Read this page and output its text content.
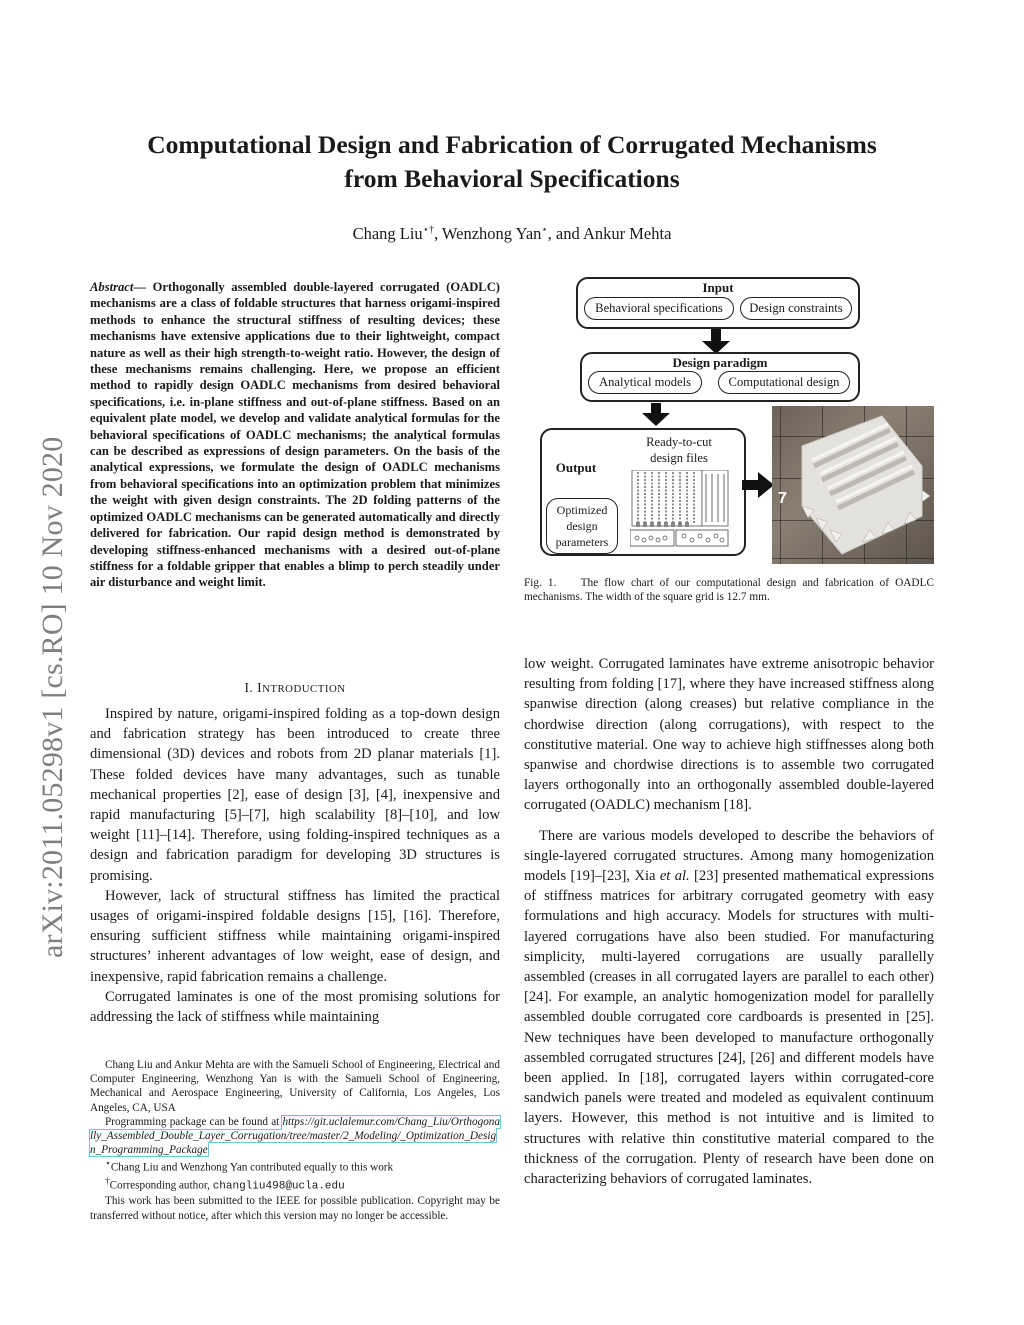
Computational Design and Fabrication of Corrugated Mechanisms
from Behavioral Specifications

Chang Liu⋆†, Wenzhong Yan⋆, and Ankur Mehta

arXiv:2011.05298v1 [cs.RO] 10 Nov 2020

Abstract— Orthogonally assembled double-layered corrugated (OADLC) mechanisms are a class of foldable structures that harness origami-inspired methods to enhance the structural stiffness of resulting devices; these mechanisms have extensive applications due to their lightweight, compact nature as well as their high strength-to-weight ratio. However, the design of these mechanisms remains challenging. Here, we propose an efficient method to rapidly design OADLC mechanisms from desired behavioral specifications, i.e. in-plane stiffness and out-of-plane stiffness. Based on an equivalent plate model, we develop and validate analytical formulas for the behavioral specifications of OADLC mechanisms; the analytical formulas can be described as expressions of design parameters. On the basis of the analytical expressions, we formulate the design of OADLC mechanisms from behavioral specifications into an optimization problem that minimizes the weight with given design constraints. The 2D folding patterns of the optimized OADLC mechanisms can be generated automatically and directly delivered for fabrication. Our rapid design method is demonstrated by developing stiffness-enhanced mechanisms with a desired out-of-plane stiffness for a foldable gripper that enables a blimp to perch steadily under air disturbance and weight limit.

I. INTRODUCTION

Inspired by nature, origami-inspired folding as a top-down design and fabrication strategy has been introduced to create three dimensional (3D) devices and robots from 2D planar materials [1]. These folded devices have many advantages, such as tunable mechanical properties [2], ease of design [3], [4], inexpensive and rapid manufacturing [5]–[7], high scalability [8]–[10], and low weight [11]–[14]. Therefore, using folding-inspired techniques as a design and fabrication paradigm for developing 3D structures is promising.

However, lack of structural stiffness has limited the practical usages of origami-inspired foldable designs [15], [16]. Therefore, ensuring sufficient stiffness while maintaining origami-inspired structures’ inherent advantages of low weight, ease of design, and inexpensive, rapid fabrication remains a challenge.

Corrugated laminates is one of the most promising solutions for addressing the lack of stiffness while maintaining

Chang Liu and Ankur Mehta are with the Samueli School of Engineering, Electrical and Computer Engineering, Wenzhong Yan is with the Samueli School of Engineering, Mechanical and Aerospace Engineering, University of California, Los Angeles, Los Angeles, CA, USA

Programming package can be found at https://git.uclalemur.com/Chang_Liu/Orthogonally_Assembled_Double_Layer_Corrugation/tree/master/2_Modeling/_Optimization_Design_Programming_Package

⋆Chang Liu and Wenzhong Yan contributed equally to this work

†Corresponding author, changliu498@ucla.edu

This work has been submitted to the IEEE for possible publication. Copyright may be transferred without notice, after which this version may no longer be accessible.

Input
Behavioral specifications	Design constraints
Design paradigm
Analytical models	Computational design
Output
Optimized
design
parameters
Ready-to-cut
design files
7

Fig. 1. The flow chart of our computational design and fabrication of OADLC mechanisms. The width of the square grid is 12.7 mm.

low weight. Corrugated laminates have extreme anisotropic behavior resulting from folding [17], where they have increased stiffness along spanwise direction (along creases) but relative compliance in the chordwise direction (along corrugations), with respect to the constitutive material. One way to achieve high stiffnesses along both spanwise and chordwise directions is to assemble two corrugated layers orthogonally into an orthogonally assembled double-layered corrugated (OADLC) mechanism [18].

There are various models developed to describe the behaviors of single-layered corrugated structures. Among many homogenization models [19]–[23], Xia et al. [23] presented mathematical expressions of stiffness matrices for arbitrary corrugated geometry with easy formulations and high accuracy. Models for structures with multi-layered corrugations have also been studied. For manufacturing simplicity, multi-layered corrugations are usually parallelly assembled (creases in all corrugated layers are parallel to each other) [24]. For example, an analytic homogenization model for parallelly assembled double corrugated core cardboards is presented in [25]. New techniques have been developed to manufacture orthogonally assembled corrugated structures [24], [26] and different models have been applied. In [18], corrugated layers within corrugated-core sandwich panels were treated and modeled as equivalent continuum layers. However, this method is not intuitive and is limited to structures with relative thin constitutive material compared to the thickness of the corrugation. Plenty of research have been done on characterizing behaviors of corrugated laminates.
